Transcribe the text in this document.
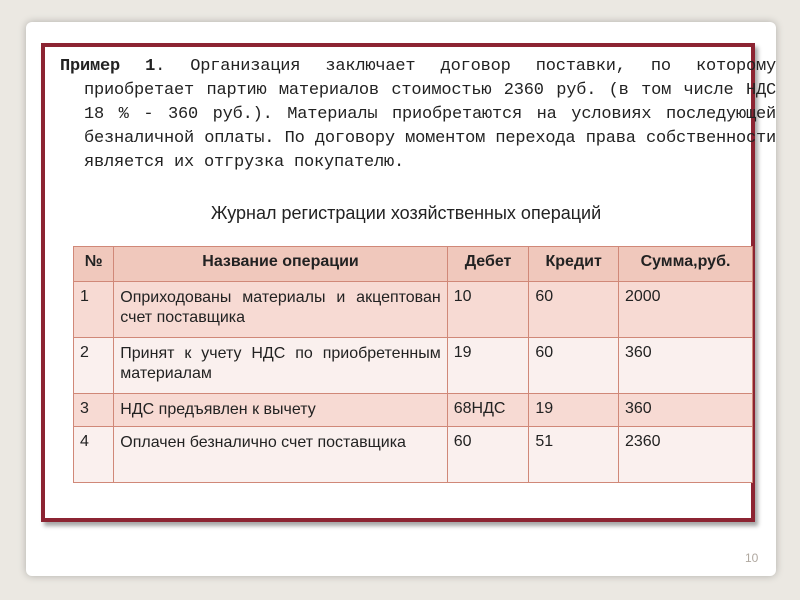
Пример 1. Организация заключает договор поставки, по которому приобретает партию материалов стоимостью 2360 руб. (в том числе НДС 18 % - 360 руб.). Материалы приобретаются на условиях последующей безналичной оплаты. По договору моментом перехода права собственности является их отгрузка покупателю.
Журнал регистрации хозяйственных операций
№	Название операции	Дебет	Кредит	Сумма,руб.
1	Оприходованы материалы и акцептован счет поставщика	10	60	2000
2	Принят к учету НДС по приобретенным материалам	19	60	360
3	НДС предъявлен к вычету	68НДС	19	360
4	Оплачен безналично счет поставщика	60	51	2360
10
